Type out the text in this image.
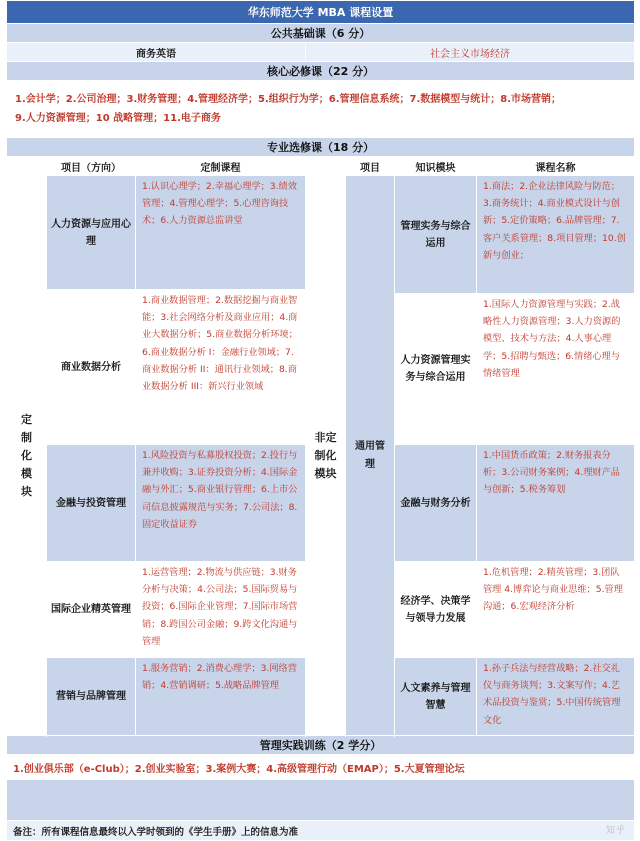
华东师范大学 MBA 课程设置						
公共基础课（6 分）						
商务英语			社会主义市场经济			
核心必修课（22 分）						

1.会计学；2.公司治理；3.财务管理；4.管理经济学；5.组织行为学；6.管理信息系统；7.数据模型与统计；8.市场营销；
9.人力资源管理；10 战略管理；11.电子商务						

专业选修课（18 分）						
	项目（方向）	定制课程		项目	知识模块	课程名称

定制化模块	人力资源与应用心理	1.认识心理学；2.幸福心理学；3.绩效管理；4.管理心理学；5.心理咨询技术；6.人力资源总监讲堂	非定制化模块	通用管理	管理实务与综合运用	1.商法；2.企业法律风险与防范；3.商务统计；4.商业模式设计与创新；5.定价策略；6.品牌管理；7.客户关系管理；8.项目管理；10.创新与创业；
	商业数据分析	1.商业数据管理；2.数据挖掘与商业智能；3.社会网络分析及商业应用；4.商业大数据分析；5.商业数据分析环境；6.商业数据分析 I：金融行业领域；7.商业数据分析 II：通讯行业领域；8.商业数据分析 III：新兴行业领域				
					人力资源管理实务与综合运用	1.国际人力资源管理与实践；2.战略性人力资源管理；3.人力资源的模型、技术与方法；4.人事心理学；5.招聘与甄选；6.情绪心理与情绪管理
	金融与投资管理	1.风险投资与私募股权投资；2.投行与兼并收购；3.证券投资分析；4.国际金融与外汇；5.商业银行管理；6.上市公司信息披露规范与实务；7.公司法；8.固定收益证券			金融与财务分析	1.中国货币政策；2.财务报表分析；3.公司财务案例；4.理财产品与创新；5.税务筹划
	国际企业精英管理	1.运营管理；2.物流与供应链；3.财务分析与决策；4.公司法；5.国际贸易与投资；6.国际企业管理；7.国际市场营销；8.跨国公司金融；9.跨文化沟通与管理			经济学、决策学与领导力发展	1.危机管理；2.精英管理；3.团队管理 4.博弈论与商业思维；5.管理沟通；6.宏观经济分析
	营销与品牌管理	1.服务营销；2.消费心理学；3.网络营销；4.营销调研；5.战略品牌管理			人文素养与管理智慧	1.孙子兵法与经营战略；2.社交礼仪与商务谈判；3.文案写作；4.艺术品投资与鉴赏；5.中国传统管理文化

管理实践训练（2 学分）						
1.创业俱乐部（e-Club）；2.创业实验室；3.案例大赛；4.高级管理行动（EMAP）；5.大夏管理论坛						

备注：所有课程信息最终以入学时领到的《学生手册》上的信息为准							知乎
